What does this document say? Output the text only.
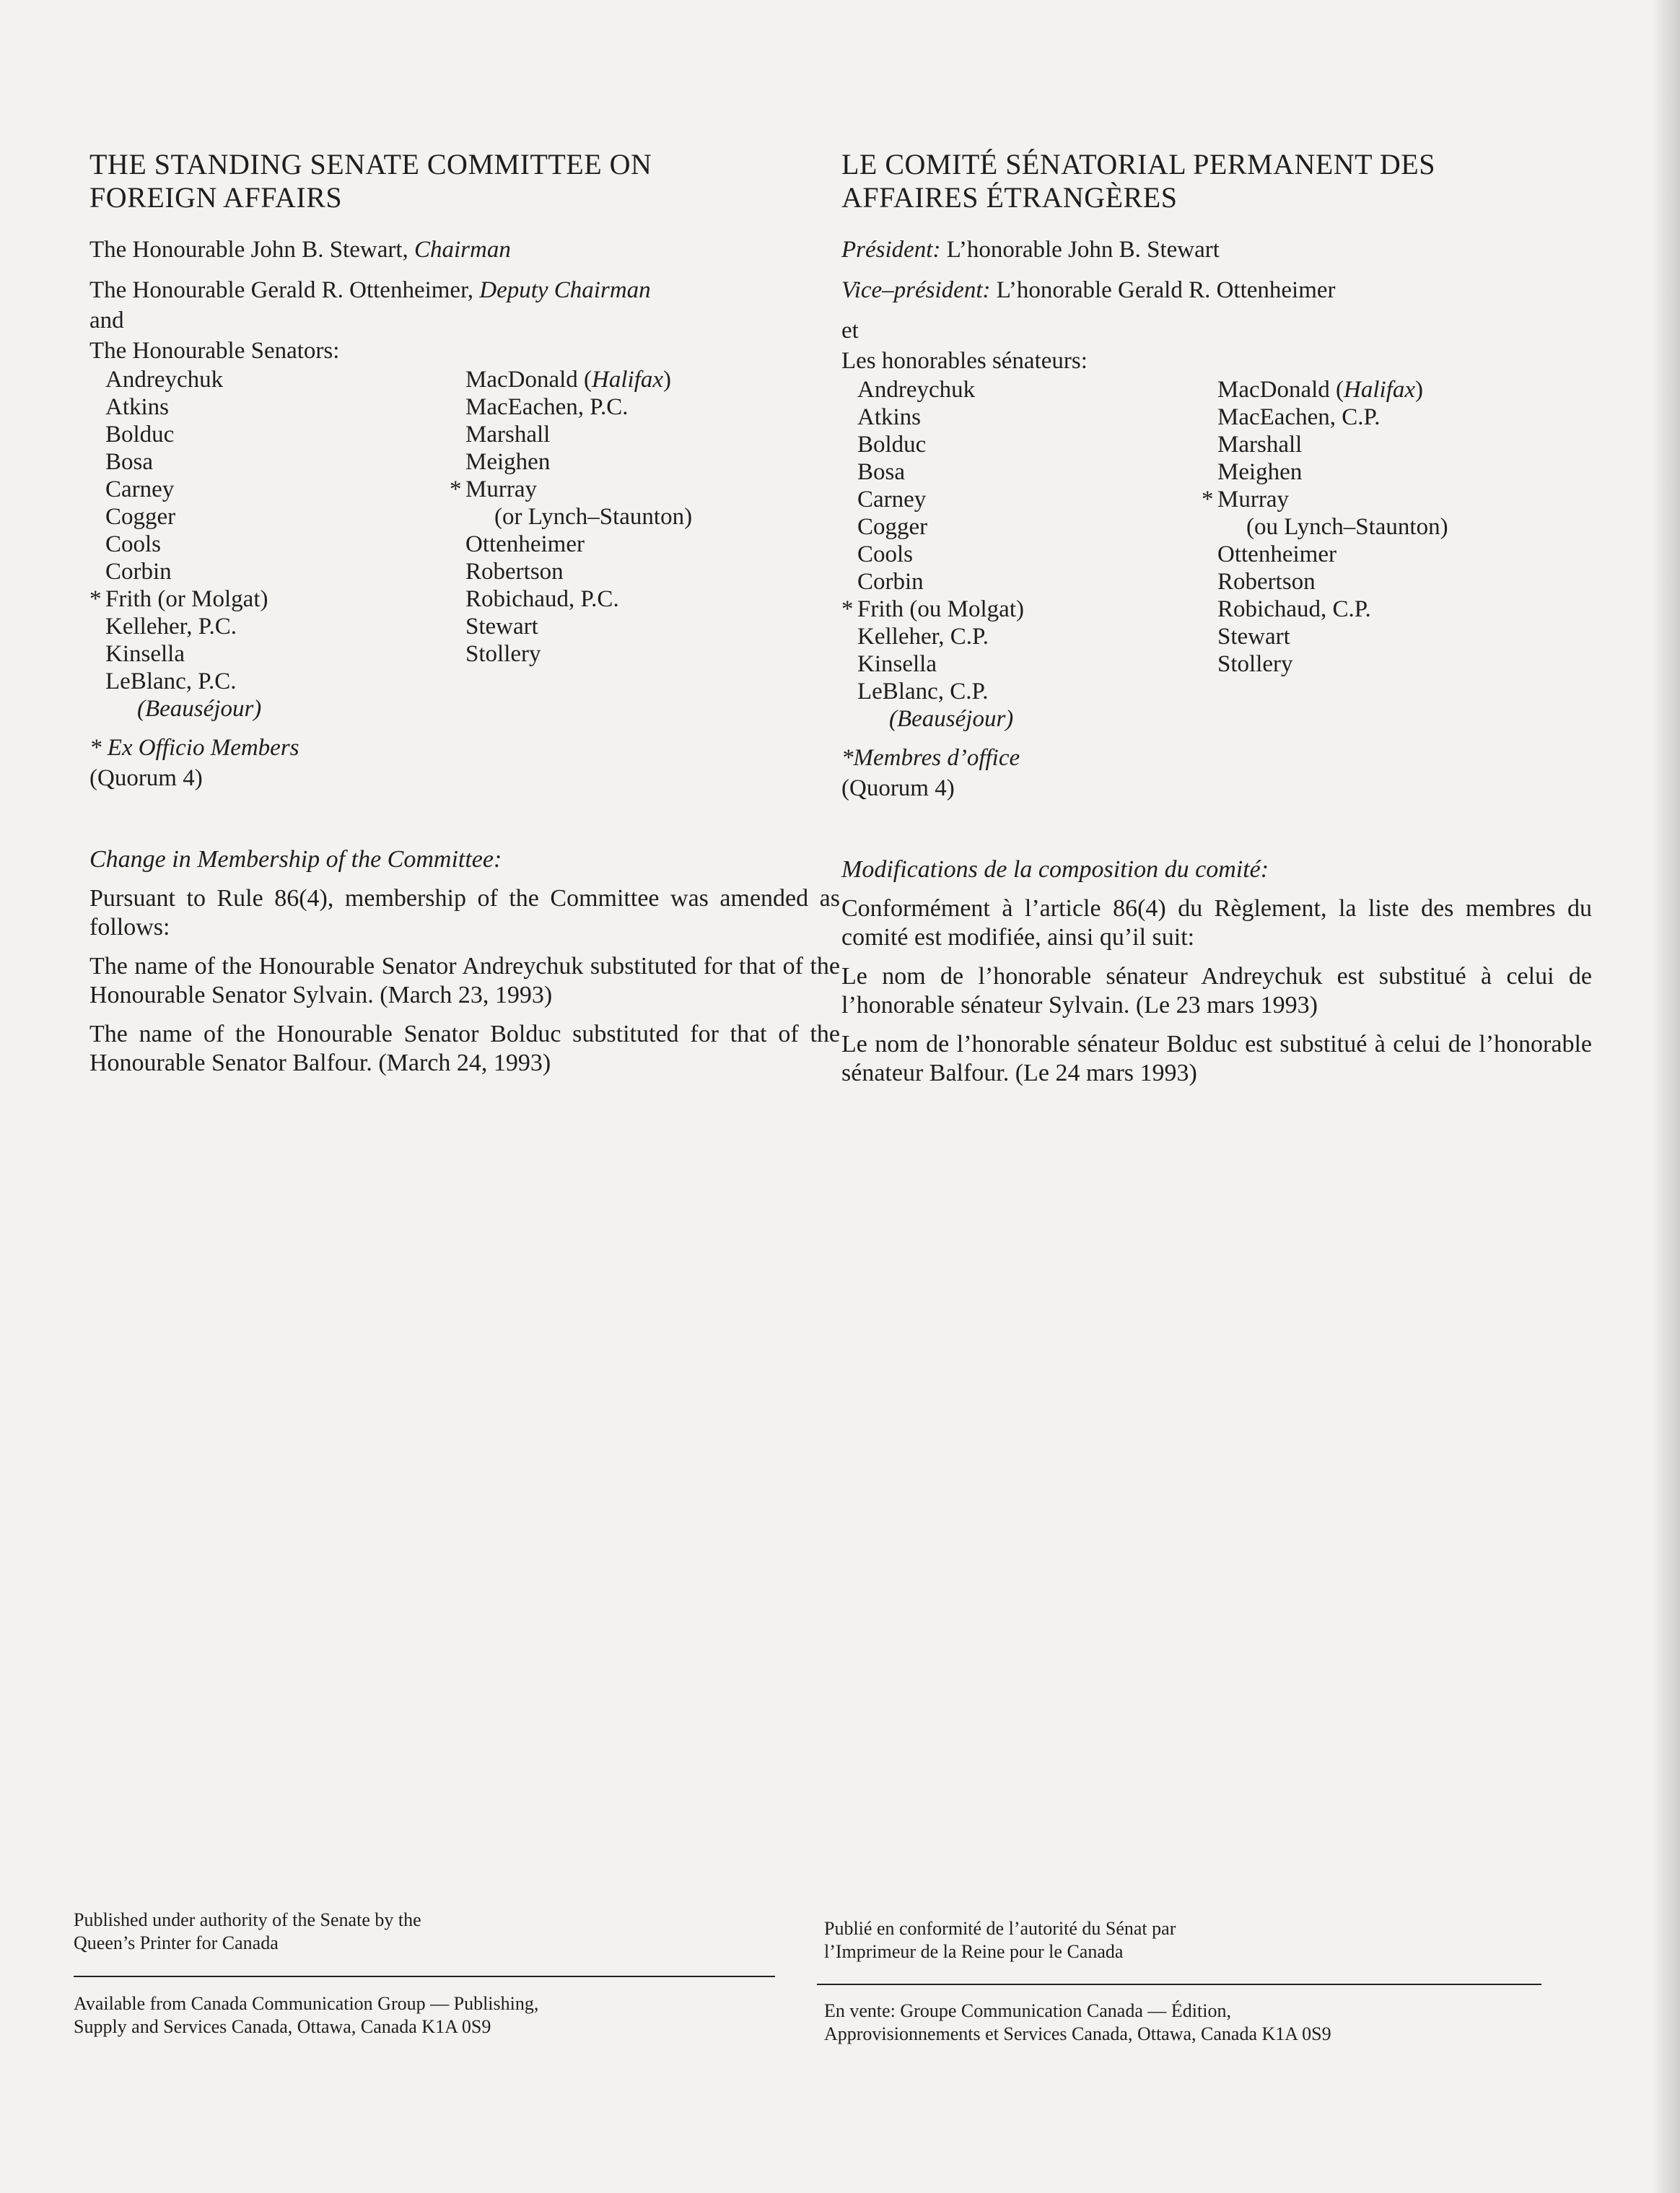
THE STANDING SENATE COMMITTEE ON
FOREIGN AFFAIRS

The Honourable John B. Stewart, Chairman

The Honourable Gerald R. Ottenheimer, Deputy Chairman

and

The Honourable Senators:

Andreychuk
Atkins
Bolduc
Bosa
Carney
Cogger
Cools
Corbin
* Frith (or Molgat)
Kelleher, P.C.
Kinsella
LeBlanc, P.C.
(Beauséjour)
MacDonald (Halifax)
MacEachen, P.C.
Marshall
Meighen
* Murray
(or Lynch–Staunton)
Ottenheimer
Robertson
Robichaud, P.C.
Stewart
Stollery

* Ex Officio Members

(Quorum 4)

Change in Membership of the Committee:

Pursuant to Rule 86(4), membership of the Committee was amended as follows:

The name of the Honourable Senator Andreychuk substituted for that of the Honourable Senator Sylvain. (March 23, 1993)

The name of the Honourable Senator Bolduc substituted for that of the Honourable Senator Balfour. (March 24, 1993)

LE COMITÉ SÉNATORIAL PERMANENT DES
AFFAIRES ÉTRANGÈRES

Président: L’honorable John B. Stewart

Vice–président: L’honorable Gerald R. Ottenheimer

et

Les honorables sénateurs:

Andreychuk
Atkins
Bolduc
Bosa
Carney
Cogger
Cools
Corbin
* Frith (ou Molgat)
Kelleher, C.P.
Kinsella
LeBlanc, C.P.
(Beauséjour)
MacDonald (Halifax)
MacEachen, C.P.
Marshall
Meighen
* Murray
(ou Lynch–Staunton)
Ottenheimer
Robertson
Robichaud, C.P.
Stewart
Stollery

*Membres d’office

(Quorum 4)

Modifications de la composition du comité:

Conformément à l’article 86(4) du Règlement, la liste des membres du comité est modifiée, ainsi qu’il suit:

Le nom de l’honorable sénateur Andreychuk est substitué à celui de l’honorable sénateur Sylvain. (Le 23 mars 1993)

Le nom de l’honorable sénateur Bolduc est substitué à celui de l’honorable sénateur Balfour. (Le 24 mars 1993)

Published under authority of the Senate by the
Queen’s Printer for Canada
Available from Canada Communication Group — Publishing,
Supply and Services Canada, Ottawa, Canada K1A 0S9
Publié en conformité de l’autorité du Sénat par
l’Imprimeur de la Reine pour le Canada
En vente: Groupe Communication Canada — Édition,
Approvisionnements et Services Canada, Ottawa, Canada K1A 0S9
